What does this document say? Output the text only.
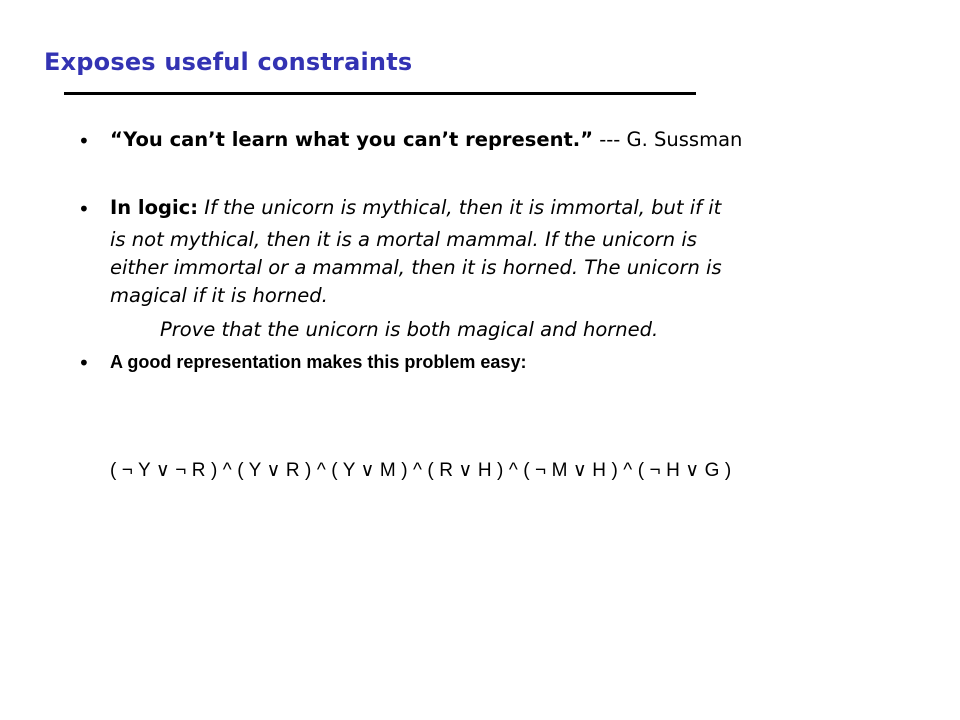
Exposes useful constraints
• “You can’t learn what you can’t represent.” --- G. Sussman
• In logic: If the unicorn is mythical, then it is immortal, but if it
is not mythical, then it is a mortal mammal. If the unicorn is
either immortal or a mammal, then it is horned. The unicorn is
magical if it is horned.
Prove that the unicorn is both magical and horned.
• A good representation makes this problem easy:
( ¬ Y ∨ ¬ R ) ^ ( Y ∨ R ) ^ ( Y ∨ M ) ^ ( R ∨ H ) ^ ( ¬ M ∨ H ) ^ ( ¬ H ∨ G )
